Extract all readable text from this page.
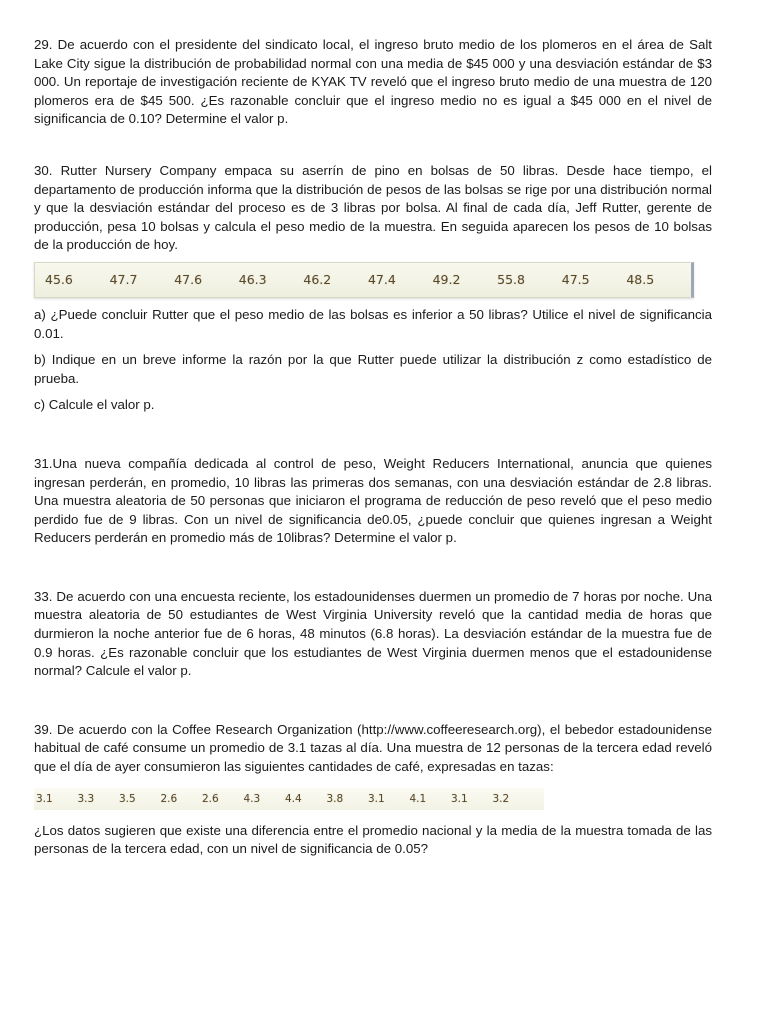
29. De acuerdo con el presidente del sindicato local, el ingreso bruto medio de los plomeros en el área de Salt Lake City sigue la distribución de probabilidad normal con una media de $45 000 y una desviación estándar de $3 000. Un reportaje de investigación reciente de KYAK TV reveló que el ingreso bruto medio de una muestra de 120 plomeros era de $45 500. ¿Es razonable concluir que el ingreso medio no es igual a $45 000 en el nivel de significancia de 0.10? Determine el valor p.

30. Rutter Nursery Company empaca su aserrín de pino en bolsas de 50 libras. Desde hace tiempo, el departamento de producción informa que la distribución de pesos de las bolsas se rige por una distribución normal y que la desviación estándar del proceso es de 3 libras por bolsa. Al final de cada día, Jeff Rutter, gerente de producción, pesa 10 bolsas y calcula el peso medio de la muestra. En seguida aparecen los pesos de 10 bolsas de la producción de hoy.

45.6	47.7	47.6	46.3	46.2	47.4	49.2	55.8	47.5	48.5

a) ¿Puede concluir Rutter que el peso medio de las bolsas es inferior a 50 libras? Utilice el nivel de significancia 0.01.

b) Indique en un breve informe la razón por la que Rutter puede utilizar la distribución z como estadístico de prueba.

c) Calcule el valor p.

31.Una nueva compañía dedicada al control de peso, Weight Reducers International, anuncia que quienes ingresan perderán, en promedio, 10 libras las primeras dos semanas, con una desviación estándar de 2.8 libras. Una muestra aleatoria de 50 personas que iniciaron el programa de reducción de peso reveló que el peso medio perdido fue de 9 libras. Con un nivel de significancia de0.05, ¿puede concluir que quienes ingresan a Weight Reducers perderán en promedio más de 10libras? Determine el valor p.

33. De acuerdo con una encuesta reciente, los estadounidenses duermen un promedio de 7 horas por noche. Una muestra aleatoria de 50 estudiantes de West Virginia University reveló que la cantidad media de horas que durmieron la noche anterior fue de 6 horas, 48 minutos (6.8 horas). La desviación estándar de la muestra fue de 0.9 horas. ¿Es razonable concluir que los estudiantes de West Virginia duermen menos que el estadounidense normal? Calcule el valor p.

39. De acuerdo con la Coffee Research Organization (http://www.coffeeresearch.org), el bebedor estadounidense habitual de café consume un promedio de 3.1 tazas al día. Una muestra de 12 personas de la tercera edad reveló que el día de ayer consumieron las siguientes cantidades de café, expresadas en tazas:

3.1	3.3	3.5	2.6	2.6	4.3	4.4	3.8	3.1	4.1	3.1	3.2

¿Los datos sugieren que existe una diferencia entre el promedio nacional y la media de la muestra tomada de las personas de la tercera edad, con un nivel de significancia de 0.05?
